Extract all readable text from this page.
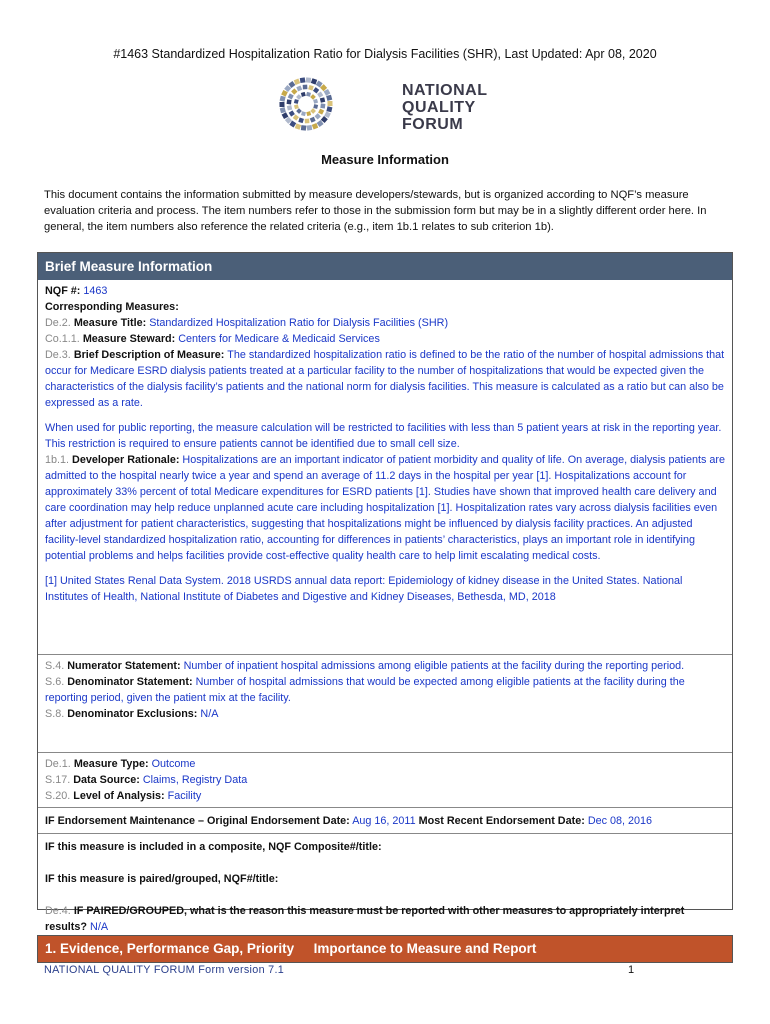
#1463 Standardized Hospitalization Ratio for Dialysis Facilities (SHR), Last Updated: Apr 08, 2020
NATIONAL
QUALITY FORUM
Measure Information
This document contains the information submitted by measure developers/stewards, but is organized according to NQF’s measure evaluation criteria and process. The item numbers refer to those in the submission form but may be in a slightly different order here. In general, the item numbers also reference the related criteria (e.g., item 1b.1 relates to sub criterion 1b).
Brief Measure Information

NQF #: 1463

Corresponding Measures:

De.2. Measure Title: Standardized Hospitalization Ratio for Dialysis Facilities (SHR)

Co.1.1. Measure Steward: Centers for Medicare & Medicaid Services

De.3. Brief Description of Measure: The standardized hospitalization ratio is defined to be the ratio of the number of hospital admissions that occur for Medicare ESRD dialysis patients treated at a particular facility to the number of hospitalizations that would be expected given the characteristics of the dialysis facility’s patients and the national norm for dialysis facilities. This measure is calculated as a ratio but can also be expressed as a rate.

When used for public reporting, the measure calculation will be restricted to facilities with less than 5 patient years at risk in the reporting year. This restriction is required to ensure patients cannot be identified due to small cell size.

1b.1. Developer Rationale: Hospitalizations are an important indicator of patient morbidity and quality of life. On average, dialysis patients are admitted to the hospital nearly twice a year and spend an average of 11.2 days in the hospital per year [1]. Hospitalizations account for approximately 33% percent of total Medicare expenditures for ESRD patients [1]. Studies have shown that improved health care delivery and care coordination may help reduce unplanned acute care including hospitalization [1]. Hospitalization rates vary across dialysis facilities even after adjustment for patient characteristics, suggesting that hospitalizations might be influenced by dialysis facility practices. An adjusted facility-level standardized hospitalization ratio, accounting for differences in patients’ characteristics, plays an important role in identifying potential problems and helps facilities provide cost-effective quality health care to help limit escalating medical costs.

[1] United States Renal Data System. 2018 USRDS annual data report: Epidemiology of kidney disease in the United States. National Institutes of Health, National Institute of Diabetes and Digestive and Kidney Diseases, Bethesda, MD, 2018

S.4. Numerator Statement: Number of inpatient hospital admissions among eligible patients at the facility during the reporting period.

S.6. Denominator Statement: Number of hospital admissions that would be expected among eligible patients at the facility during the reporting period, given the patient mix at the facility.

S.8. Denominator Exclusions: N/A

De.1. Measure Type: Outcome

S.17. Data Source: Claims, Registry Data

S.20. Level of Analysis: Facility

IF Endorsement Maintenance – Original Endorsement Date: Aug 16, 2011 Most Recent Endorsement Date: Dec 08, 2016

IF this measure is included in a composite, NQF Composite#/title:

IF this measure is paired/grouped, NQF#/title:

De.4. IF PAIRED/GROUPED, what is the reason this measure must be reported with other measures to appropriately interpret results? N/A

1. Evidence, Performance Gap, Priority Importance to Measure and Report
NATIONAL QUALITY FORUM Form version 7.1	1
